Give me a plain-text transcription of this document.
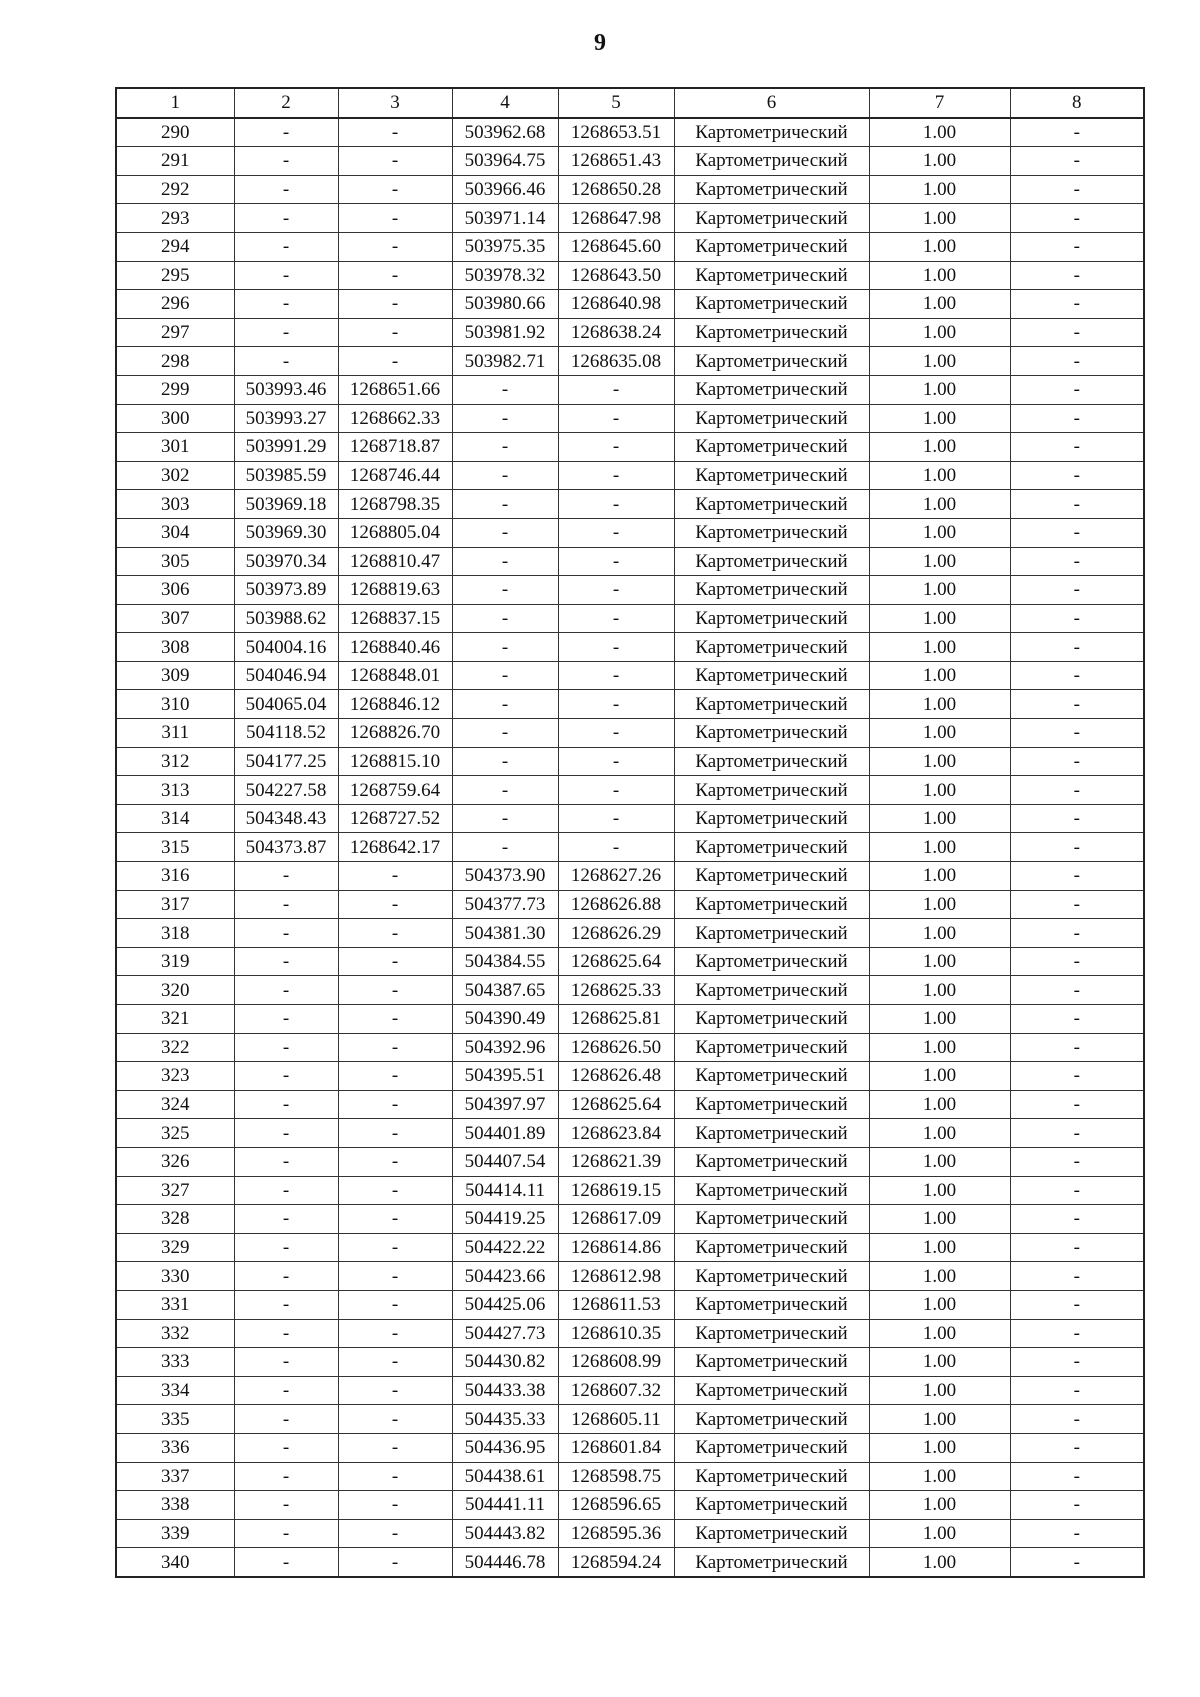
9
1	2	3	4	5	6	7	8
290	-	-	503962.68	1268653.51	Картометрический	1.00	-
291	-	-	503964.75	1268651.43	Картометрический	1.00	-
292	-	-	503966.46	1268650.28	Картометрический	1.00	-
293	-	-	503971.14	1268647.98	Картометрический	1.00	-
294	-	-	503975.35	1268645.60	Картометрический	1.00	-
295	-	-	503978.32	1268643.50	Картометрический	1.00	-
296	-	-	503980.66	1268640.98	Картометрический	1.00	-
297	-	-	503981.92	1268638.24	Картометрический	1.00	-
298	-	-	503982.71	1268635.08	Картометрический	1.00	-
299	503993.46	1268651.66	-	-	Картометрический	1.00	-
300	503993.27	1268662.33	-	-	Картометрический	1.00	-
301	503991.29	1268718.87	-	-	Картометрический	1.00	-
302	503985.59	1268746.44	-	-	Картометрический	1.00	-
303	503969.18	1268798.35	-	-	Картометрический	1.00	-
304	503969.30	1268805.04	-	-	Картометрический	1.00	-
305	503970.34	1268810.47	-	-	Картометрический	1.00	-
306	503973.89	1268819.63	-	-	Картометрический	1.00	-
307	503988.62	1268837.15	-	-	Картометрический	1.00	-
308	504004.16	1268840.46	-	-	Картометрический	1.00	-
309	504046.94	1268848.01	-	-	Картометрический	1.00	-
310	504065.04	1268846.12	-	-	Картометрический	1.00	-
311	504118.52	1268826.70	-	-	Картометрический	1.00	-
312	504177.25	1268815.10	-	-	Картометрический	1.00	-
313	504227.58	1268759.64	-	-	Картометрический	1.00	-
314	504348.43	1268727.52	-	-	Картометрический	1.00	-
315	504373.87	1268642.17	-	-	Картометрический	1.00	-
316	-	-	504373.90	1268627.26	Картометрический	1.00	-
317	-	-	504377.73	1268626.88	Картометрический	1.00	-
318	-	-	504381.30	1268626.29	Картометрический	1.00	-
319	-	-	504384.55	1268625.64	Картометрический	1.00	-
320	-	-	504387.65	1268625.33	Картометрический	1.00	-
321	-	-	504390.49	1268625.81	Картометрический	1.00	-
322	-	-	504392.96	1268626.50	Картометрический	1.00	-
323	-	-	504395.51	1268626.48	Картометрический	1.00	-
324	-	-	504397.97	1268625.64	Картометрический	1.00	-
325	-	-	504401.89	1268623.84	Картометрический	1.00	-
326	-	-	504407.54	1268621.39	Картометрический	1.00	-
327	-	-	504414.11	1268619.15	Картометрический	1.00	-
328	-	-	504419.25	1268617.09	Картометрический	1.00	-
329	-	-	504422.22	1268614.86	Картометрический	1.00	-
330	-	-	504423.66	1268612.98	Картометрический	1.00	-
331	-	-	504425.06	1268611.53	Картометрический	1.00	-
332	-	-	504427.73	1268610.35	Картометрический	1.00	-
333	-	-	504430.82	1268608.99	Картометрический	1.00	-
334	-	-	504433.38	1268607.32	Картометрический	1.00	-
335	-	-	504435.33	1268605.11	Картометрический	1.00	-
336	-	-	504436.95	1268601.84	Картометрический	1.00	-
337	-	-	504438.61	1268598.75	Картометрический	1.00	-
338	-	-	504441.11	1268596.65	Картометрический	1.00	-
339	-	-	504443.82	1268595.36	Картометрический	1.00	-
340	-	-	504446.78	1268594.24	Картометрический	1.00	-
